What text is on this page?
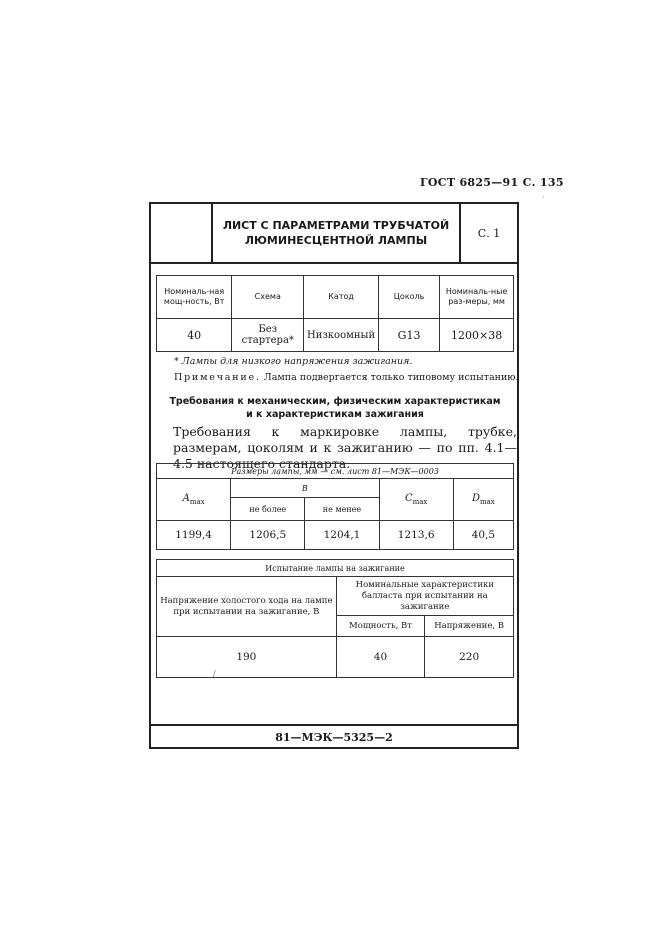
ГОСТ 6825—91 С. 135
ЛИСТ С ПАРАМЕТРАМИ ТРУБЧАТОЙ
ЛЮМИНЕСЦЕНТНОЙ ЛАМПЫ
С. 1
81—МЭК—5325—2
Номиналь-ная мощ-ность, Вт	Схема	Катод	Цоколь	Номиналь-ные раз-меры, мм
40	Без стартера*	Низкоомный	G13	1200×38
* Лампы для низкого напряжения зажигания.
Примечание. Лампа подвергается только типовому испытанию.
Требования к механическим, физическим характеристикам
и к характеристикам зажигания
Требования к маркировке лампы, трубке, размерам, цоколям и к зажиганию — по пп. 4.1—4.5 настоящего стандарта.
Размеры лампы, мм — см. лист 81—МЭК—0003				
$A_{max}$	B		$C_{max}$	$D_{max}$
	не более	не менее		
1199,4	1206,5	1204,1	1213,6	40,5
Испытание лампы на зажигание		
Напряжение холостого хода на лампе при испытании на зажигание, В	Номинальные характеристики балласта при испытании на зажигание	
	Мощность, Вт	Напряжение, В
190	40	220
/
·
